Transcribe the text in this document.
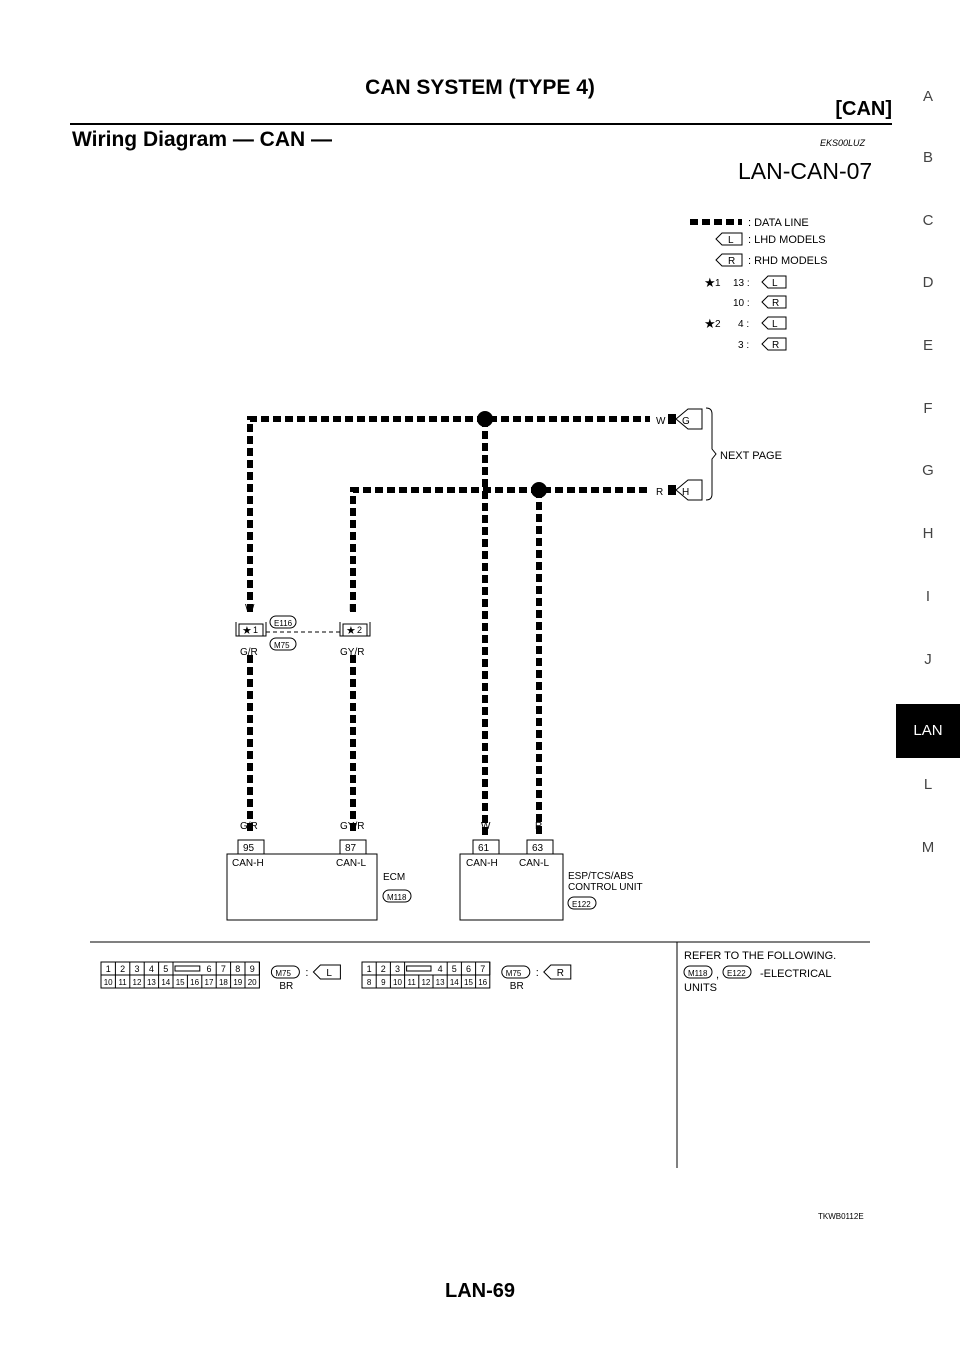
CAN SYSTEM (TYPE 4)
[CAN]
Wiring Diagram — CAN —	EKS00LUZ
LAN-CAN-07
: DATA LINE
L : LHD MODELS
R : RHD MODELS
★ 1 13 : L
10 : R
★ 2 4 : L
3 : R
W G
R H
NEXT PAGE
W	R
★ 1	★ 2
E116
M75
G/R	GY/R
G/R	GY/R
95	87
CAN-H	CAN-L
ECM
M118
W	R
61	63
CAN-H CAN-L
ESP/TCS/ABS
CONTROL UNIT
E122
1 2 3 4 5	6 7 8 9
10 11 12 13 14 15 16 17 18 19 20
M75 : L
BR
1 2 3	4 5 6 7
8 9 10 11 12 13 14 15 16
M75 : R
BR
REFER TO THE FOLLOWING.
M118 , E122 -ELECTRICAL
UNITS
TKWB0112E
LAN-69
A
B
C
D
E
F
G
H
I
J
LAN
L
M
